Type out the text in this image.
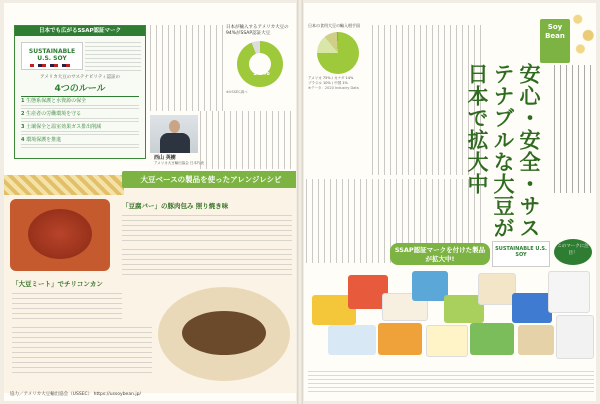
日本でも広がるSSAP認証マーク
SUSTAINABLE U.S. SOY
アメリカ大豆のサステナビリティ認証の
4つのルール
1 生態系保護と水資源の保全
2 生産者の労働環境を守る
3 土壌保全と温室効果ガス排出削減
4 環境保護を推進
日本が輸入するアメリカ大豆の94%がSSAP認証大豆
94%
※USSEC調べ
西山 英樹
アメリカ大豆輸出協会 日本代表
大豆ベースの製品を使ったアレンジレシピ
「豆腐バー」の豚肉包み 照り焼き味
「大豆ミート」でチリコンカン
協力／アメリカ大豆輸出協会（USSEC） https://ussoybean.jp/
日本の食用大豆の輸入相手国
アメリカ 75% / カナダ 14%
ブラジル 10% / 中国 1%
※データ：2020 Industry Data
Soy
Bean
安心・安全・サステナブルな大豆が日本で拡大中
SSAP認証マークを付けた製品が拡大中!
SUSTAINABLE U.S. SOY
このマークに注目！
